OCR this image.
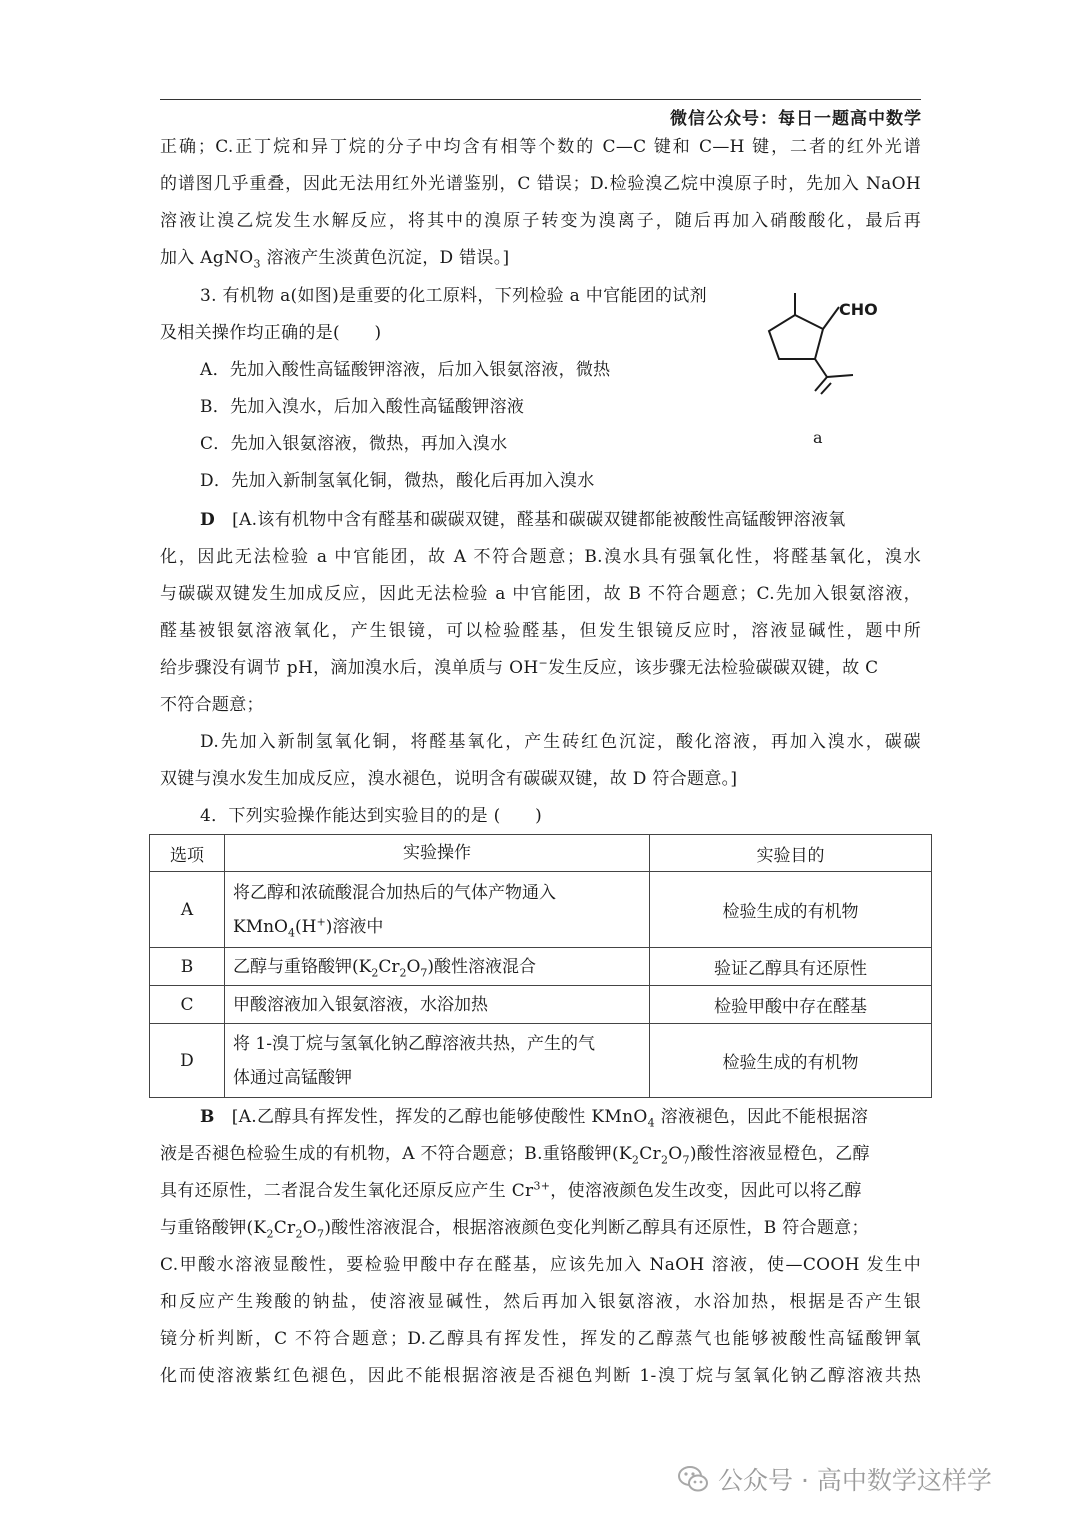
微信公众号：每日一题高中数学
正确；C.正丁烷和异丁烷的分子中均含有相等个数的 C—C 键和 C—H 键，二者的红外光谱
的谱图几乎重叠，因此无法用红外光谱鉴别，C 错误；D.检验溴乙烷中溴原子时，先加入 NaOH
溶液让溴乙烷发生水解反应，将其中的溴原子转变为溴离子，随后再加入硝酸酸化，最后再
加入 AgNO$_3$ 溶液产生淡黄色沉淀，D 错误。]
3. 有机物 a(如图)是重要的化工原料，下列检验 a 中官能团的试剂
及相关操作均正确的是(　　)
A．先加入酸性高锰酸钾溶液，后加入银氨溶液，微热
B．先加入溴水，后加入酸性高锰酸钾溶液
C．先加入银氨溶液，微热，再加入溴水
D．先加入新制氢氧化铜，微热，酸化后再加入溴水
CHO
a
D [A.该有机物中含有醛基和碳碳双键，醛基和碳碳双键都能被酸性高锰酸钾溶液氧
化，因此无法检验 a 中官能团，故 A 不符合题意；B.溴水具有强氧化性，将醛基氧化，溴水
与碳碳双键发生加成反应，因此无法检验 a 中官能团，故 B 不符合题意；C.先加入银氨溶液，
醛基被银氨溶液氧化，产生银镜，可以检验醛基，但发生银镜反应时，溶液显碱性，题中所
给步骤没有调节 pH，滴加溴水后，溴单质与 OH−发生反应，该步骤无法检验碳碳双键，故 C
不符合题意；
D.先加入新制氢氧化铜，将醛基氧化，产生砖红色沉淀，酸化溶液，再加入溴水，碳碳
双键与溴水发生加成反应，溴水褪色，说明含有碳碳双键，故 D 符合题意。]
4．下列实验操作能达到实验目的的是 (　　)
选项	实验操作	实验目的
A	将乙醇和浓硫酸混合加热后的气体产物通入
KMnO$_4$(H+)溶液中	检验生成的有机物
B	乙醇与重铬酸钾$(K_2Cr_2O_7)$酸性溶液混合	验证乙醇具有还原性
C	甲酸溶液加入银氨溶液，水浴加热	检验甲酸中存在醛基
D	将 1-溴丁烷与氢氧化钠乙醇溶液共热，产生的气
体通过高锰酸钾	检验生成的有机物
B [A.乙醇具有挥发性，挥发的乙醇也能够使酸性 KMnO$_4$ 溶液褪色，因此不能根据溶
液是否褪色检验生成的有机物，A 不符合题意；B.重铬酸钾$(K_2Cr_2O_7)$酸性溶液显橙色，乙醇
具有还原性，二者混合发生氧化还原反应产生 $Cr^{3+}$，使溶液颜色发生改变，因此可以将乙醇
与重铬酸钾$(K_2Cr_2O_7)$酸性溶液混合，根据溶液颜色变化判断乙醇具有还原性，B 符合题意；
C.甲酸水溶液显酸性，要检验甲酸中存在醛基，应该先加入 NaOH 溶液，使—COOH 发生中
和反应产生羧酸的钠盐，使溶液显碱性，然后再加入银氨溶液，水浴加热，根据是否产生银
镜分析判断，C 不符合题意；D.乙醇具有挥发性，挥发的乙醇蒸气也能够被酸性高锰酸钾氧
化而使溶液紫红色褪色，因此不能根据溶液是否褪色判断 1-溴丁烷与氢氧化钠乙醇溶液共热
公众号 · 高中数学这样学
